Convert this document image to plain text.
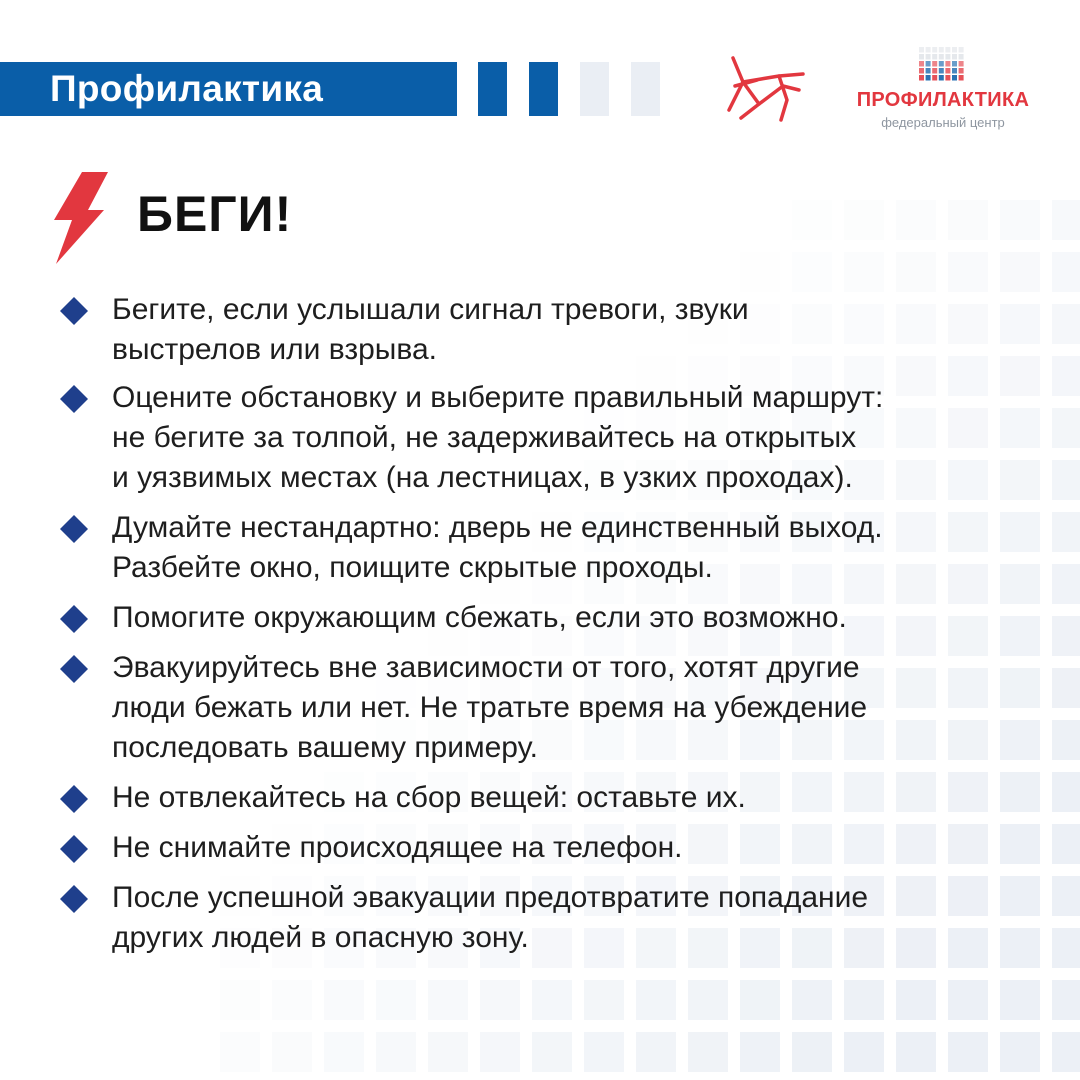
Профилактика	ПРОФИЛАКТИКА
федеральный центр
БЕГИ!
Бегите, если услышали сигнал тревоги, звуки
выстрелов или взрыва.
Оцените обстановку и выберите правильный маршрут:
не бегите за толпой, не задерживайтесь на открытых
и уязвимых местах (на лестницах, в узких проходах).
Думайте нестандартно: дверь не единственный выход.
Разбейте окно, поищите скрытые проходы.
Помогите окружающим сбежать, если это возможно.
Эвакуируйтесь вне зависимости от того, хотят другие
люди бежать или нет. Не тратьте время на убеждение
последовать вашему примеру.
Не отвлекайтесь на сбор вещей: оставьте их.
Не снимайте происходящее на телефон.
После успешной эвакуации предотвратите попадание
других людей в опасную зону.
